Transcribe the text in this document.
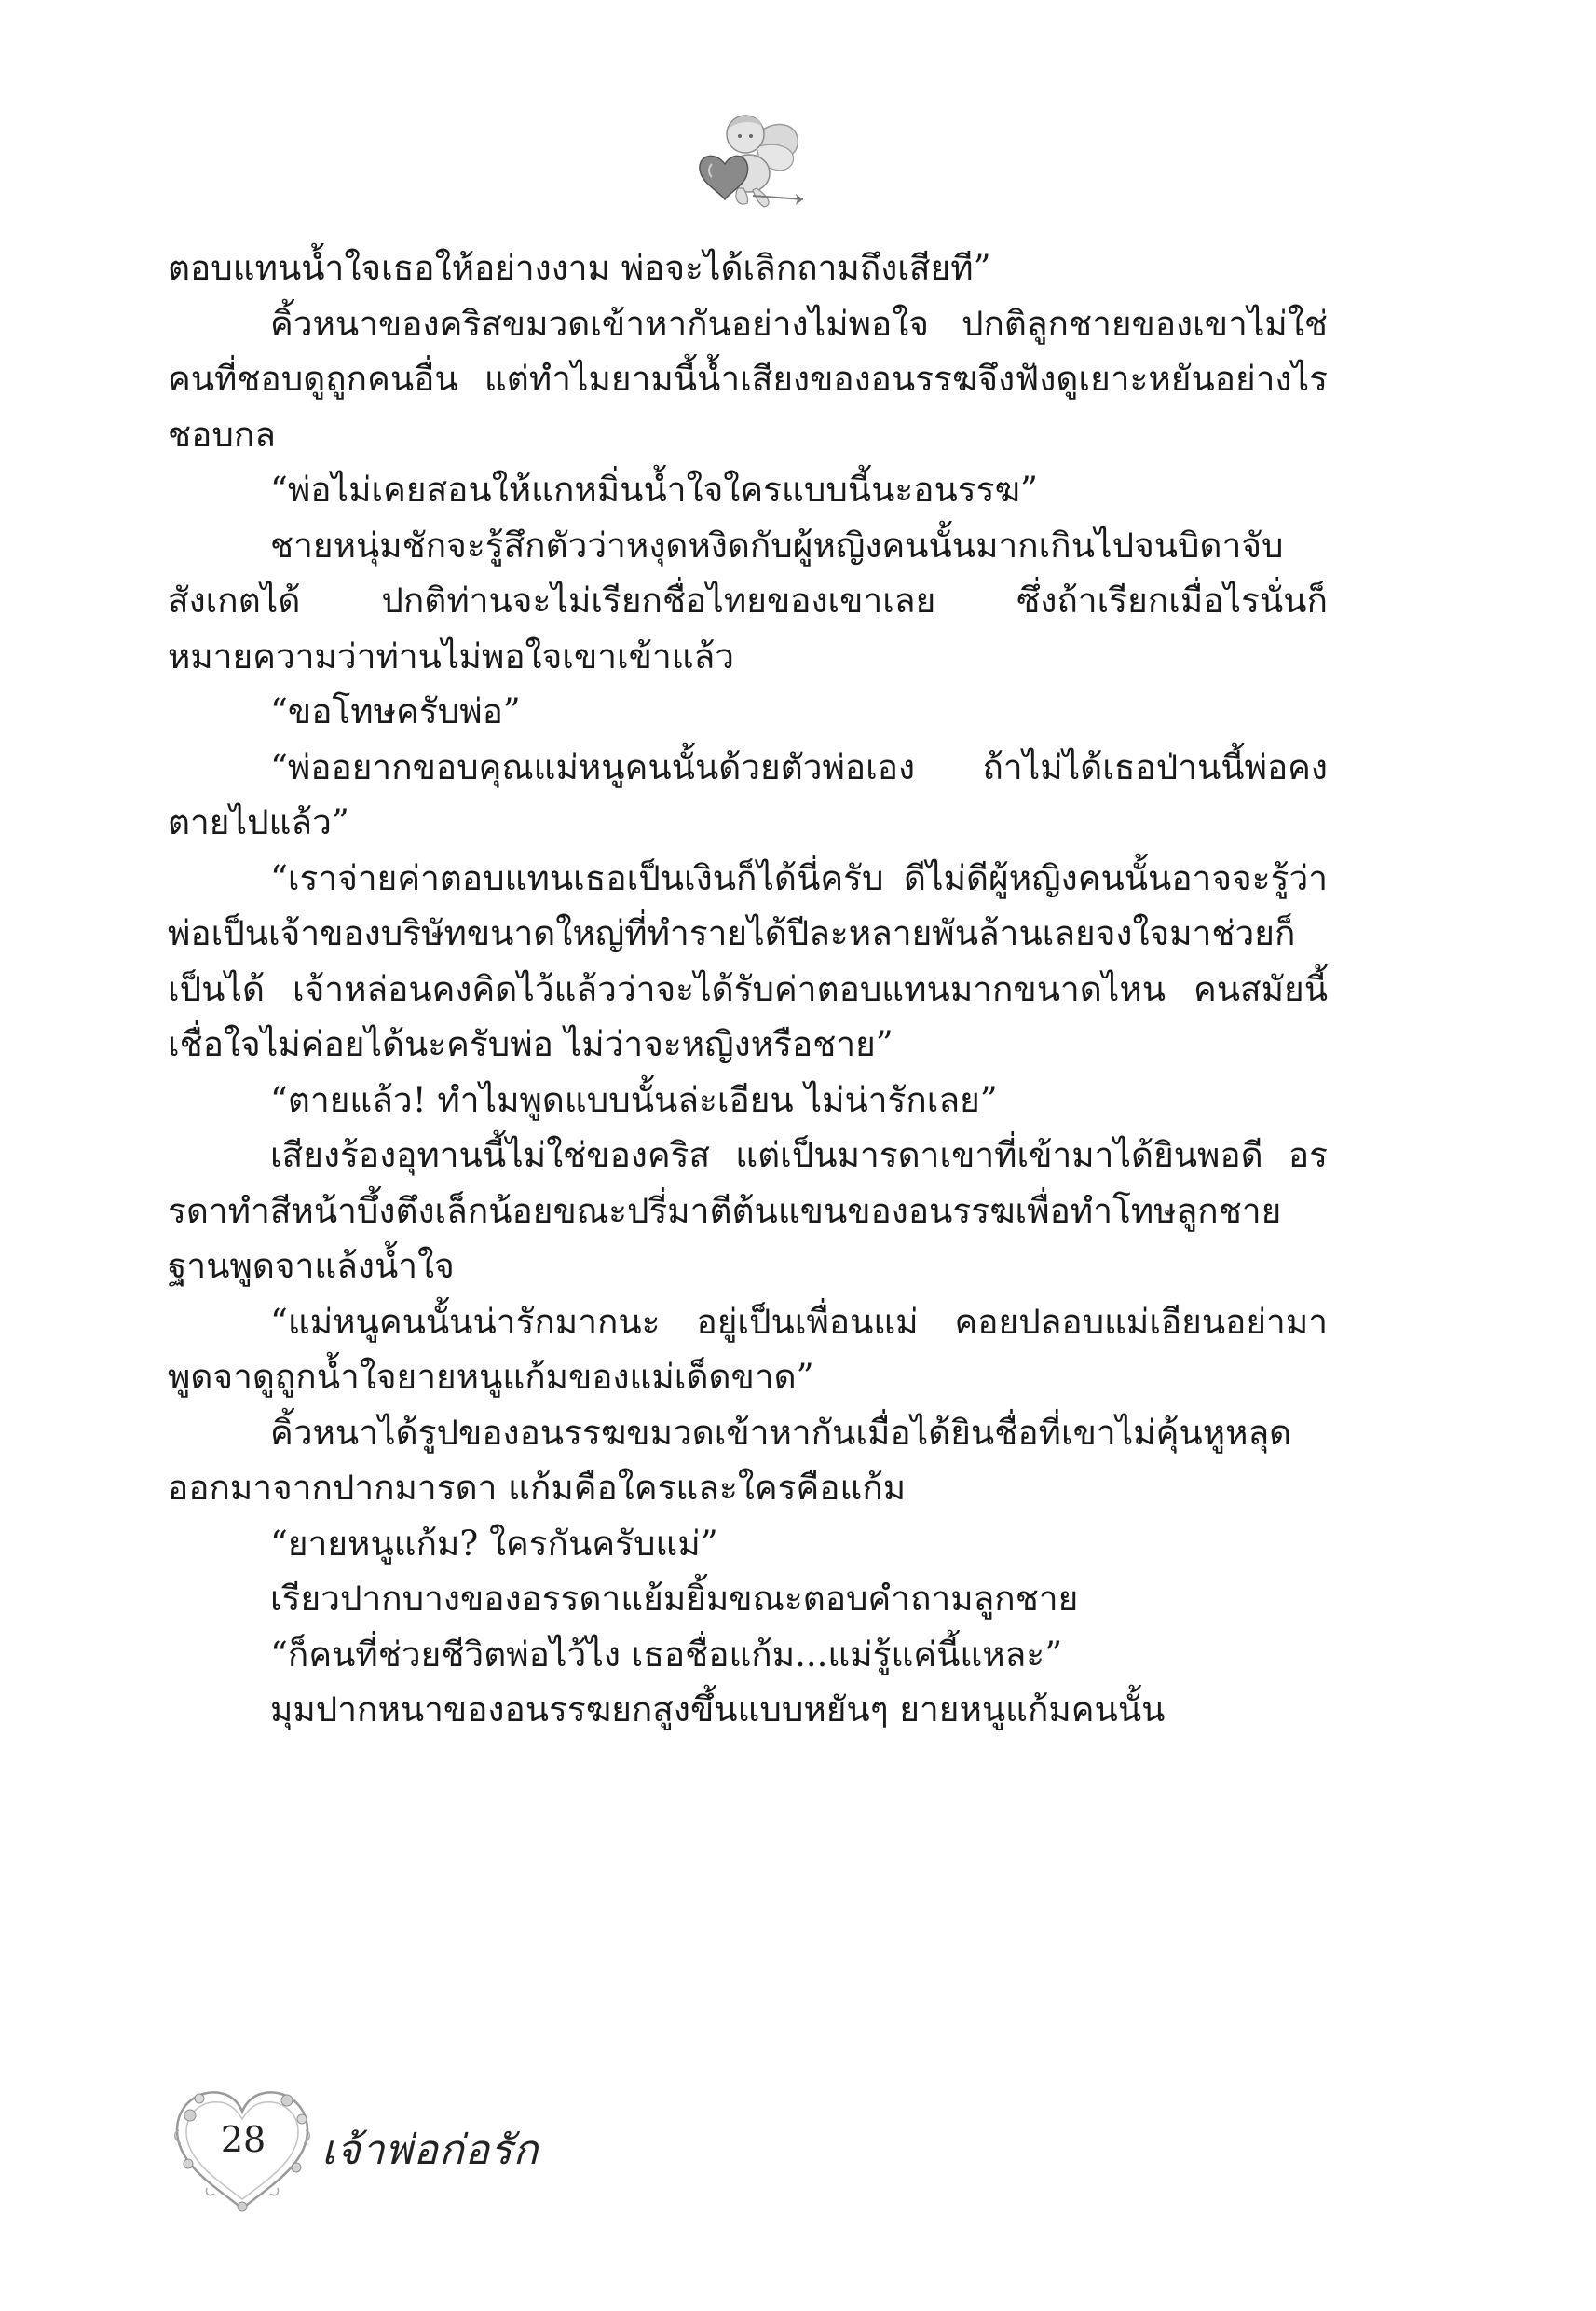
ตอบแทนน้ำใจเธอให้อย่างงาม พ่อจะได้เลิกถามถึงเสียที”

คิ้วหนาของคริสขมวดเข้าหากันอย่างไม่พอใจ ปกติลูกชายของเขาไม่ใช่คนที่ชอบดูถูกคนอื่น แต่ทำไมยามนี้น้ำเสียงของอนรรฆจึงฟังดูเยาะหยันอย่างไรชอบกล

“พ่อไม่เคยสอนให้แกหมิ่นน้ำใจใครแบบนี้นะอนรรฆ”

ชายหนุ่มชักจะรู้สึกตัวว่าหงุดหงิดกับผู้หญิงคนนั้นมากเกินไปจนบิดาจับสังเกตได้ ปกติท่านจะไม่เรียกชื่อไทยของเขาเลย ซึ่งถ้าเรียกเมื่อไรนั่นก็หมายความว่าท่านไม่พอใจเขาเข้าแล้ว

“ขอโทษครับพ่อ”

“พ่ออยากขอบคุณแม่หนูคนนั้นด้วยตัวพ่อเอง ถ้าไม่ได้เธอป่านนี้พ่อคงตายไปแล้ว”

“เราจ่ายค่าตอบแทนเธอเป็นเงินก็ได้นี่ครับ ดีไม่ดีผู้หญิงคนนั้นอาจจะรู้ว่าพ่อเป็นเจ้าของบริษัทขนาดใหญ่ที่ทำรายได้ปีละหลายพันล้านเลยจงใจมาช่วยก็เป็นได้ เจ้าหล่อนคงคิดไว้แล้วว่าจะได้รับค่าตอบแทนมากขนาดไหน คนสมัยนี้เชื่อใจไม่ค่อยได้นะครับพ่อ ไม่ว่าจะหญิงหรือชาย”

“ตายแล้ว! ทำไมพูดแบบนั้นล่ะเอียน ไม่น่ารักเลย”

เสียงร้องอุทานนี้ไม่ใช่ของคริส แต่เป็นมารดาเขาที่เข้ามาได้ยินพอดี อรรดาทำสีหน้าบึ้งตึงเล็กน้อยขณะปรี่มาตีต้นแขนของอนรรฆเพื่อทำโทษลูกชายฐานพูดจาแล้งน้ำใจ

“แม่หนูคนนั้นน่ารักมากนะ อยู่เป็นเพื่อนแม่ คอยปลอบแม่เอียนอย่ามาพูดจาดูถูกน้ำใจยายหนูแก้มของแม่เด็ดขาด”

คิ้วหนาได้รูปของอนรรฆขมวดเข้าหากันเมื่อได้ยินชื่อที่เขาไม่คุ้นหูหลุดออกมาจากปากมารดา แก้มคือใครและใครคือแก้ม

“ยายหนูแก้ม? ใครกันครับแม่”

เรียวปากบางของอรรดาแย้มยิ้มขณะตอบคำถามลูกชาย

“ก็คนที่ช่วยชีวิตพ่อไว้ไง เธอชื่อแก้ม...แม่รู้แค่นี้แหละ”

มุมปากหนาของอนรรฆยกสูงขึ้นแบบหยันๆ ยายหนูแก้มคนนั้น

28	เจ้าพ่อก่อรัก
